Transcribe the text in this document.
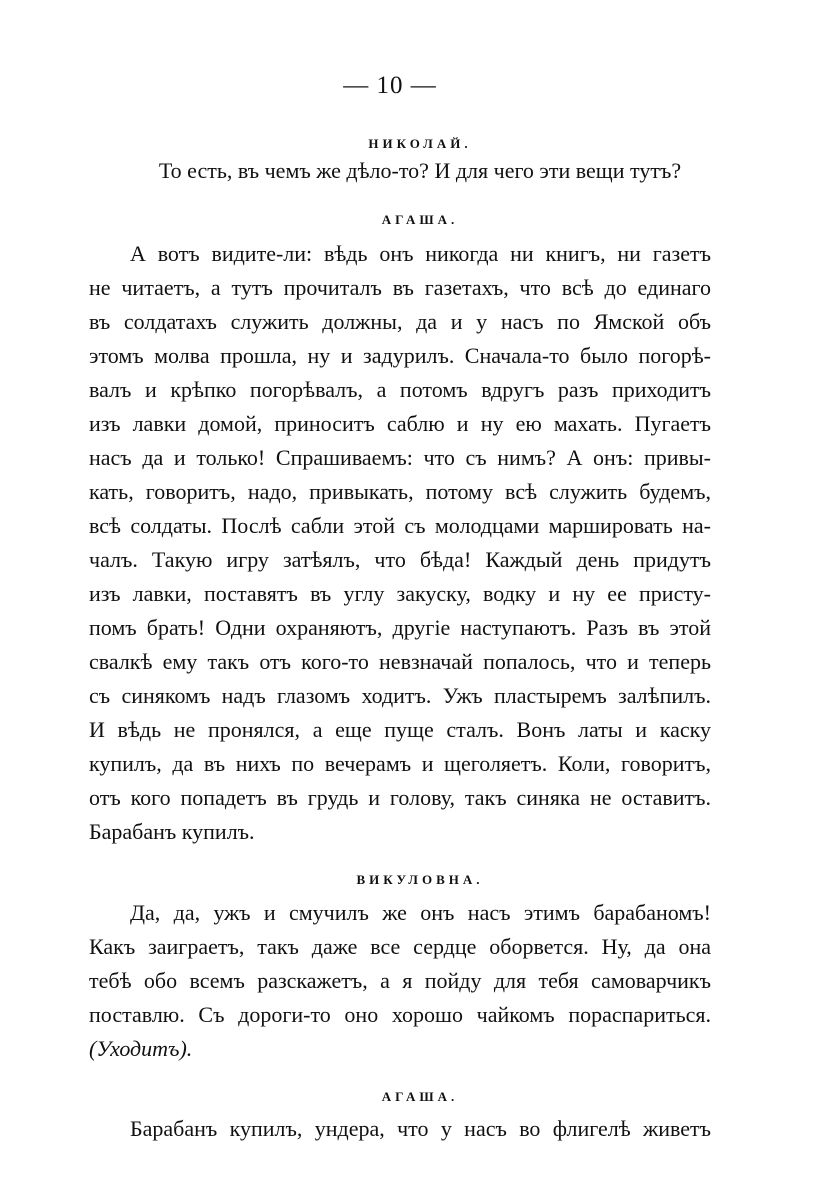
— 10 —
НИКОЛАЙ.
То есть, въ чемъ же дѣло-то? И для чего эти вещи тутъ?
АГАША.
А вотъ видите-ли: вѣдь онъ никогда ни книгъ, ни газетъ
не читаетъ, а тутъ прочиталъ въ газетахъ, что всѣ до единаго
въ солдатахъ служить должны, да и у насъ по Ямской объ
этомъ молва прошла, ну и задурилъ. Сначала-то было погорѣ-
валъ и крѣпко погорѣвалъ, а потомъ вдругъ разъ приходитъ
изъ лавки домой, приноситъ саблю и ну ею махать. Пугаетъ
насъ да и только! Спрашиваемъ: что съ нимъ? А онъ: привы-
кать, говоритъ, надо, привыкать, потому всѣ служить будемъ,
всѣ солдаты. Послѣ сабли этой съ молодцами маршировать на-
чалъ. Такую игру затѣялъ, что бѣда! Каждый день придутъ
изъ лавки, поставятъ въ углу закуску, водку и ну ее присту-
помъ брать! Одни охраняютъ, другіе наступаютъ. Разъ въ этой
свалкѣ ему такъ отъ кого-то невзначай попалось, что и теперь
съ синякомъ надъ глазомъ ходитъ. Ужъ пластыремъ залѣпилъ.
И вѣдь не пронялся, а еще пуще сталъ. Вонъ латы и каску
купилъ, да въ нихъ по вечерамъ и щеголяетъ. Коли, говоритъ,
отъ кого попадетъ въ грудь и голову, такъ синяка не оставитъ.
Барабанъ купилъ.
ВИКУЛОВНА.
Да, да, ужъ и смучилъ же онъ насъ этимъ барабаномъ!
Какъ заиграетъ, такъ даже все сердце оборвется. Ну, да она
тебѣ обо всемъ разскажетъ, а я пойду для тебя самоварчикъ
поставлю. Съ дороги-то оно хорошо чайкомъ пораспариться.
(Уходитъ).
АГАША.
Барабанъ купилъ, ундера, что у насъ во флигелѣ живетъ
